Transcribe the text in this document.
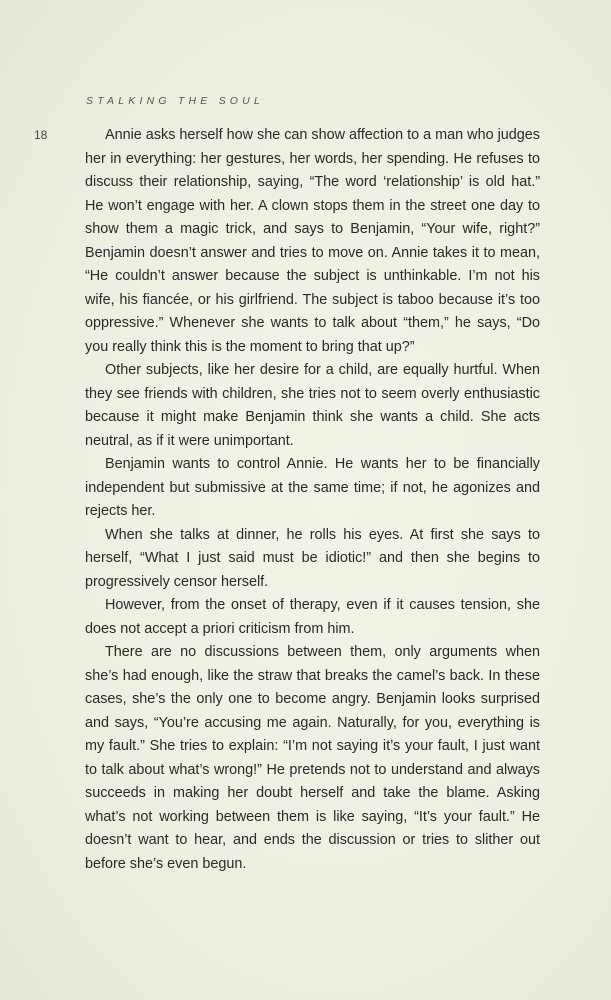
STALKING THE SOUL
18	Annie asks herself how she can show affection to a man who judges her in everything: her gestures, her words, her spending. He refuses to discuss their relationship, saying, “The word ‘relationship’ is old hat.” He won’t engage with her. A clown stops them in the street one day to show them a magic trick, and says to Benjamin, “Your wife, right?” Benjamin doesn’t answer and tries to move on. Annie takes it to mean, “He couldn’t answer because the subject is unthinkable. I’m not his wife, his fiancée, or his girlfriend. The subject is taboo because it’s too oppressive.” Whenever she wants to talk about “them,” he says, “Do you really think this is the moment to bring that up?”

Other subjects, like her desire for a child, are equally hurtful. When they see friends with children, she tries not to seem overly enthusiastic because it might make Benjamin think she wants a child. She acts neutral, as if it were unimportant.

Benjamin wants to control Annie. He wants her to be financially independent but submissive at the same time; if not, he agonizes and rejects her.

When she talks at dinner, he rolls his eyes. At first she says to herself, “What I just said must be idiotic!” and then she begins to progressively censor herself.

However, from the onset of therapy, even if it causes tension, she does not accept a priori criticism from him.

There are no discussions between them, only arguments when she’s had enough, like the straw that breaks the camel’s back. In these cases, she’s the only one to become angry. Benjamin looks surprised and says, “You’re accusing me again. Naturally, for you, everything is my fault.” She tries to explain: “I’m not saying it’s your fault, I just want to talk about what’s wrong!” He pretends not to understand and always succeeds in making her doubt herself and take the blame. Asking what’s not working between them is like saying, “It’s your fault.” He doesn’t want to hear, and ends the discussion or tries to slither out before she’s even begun.
